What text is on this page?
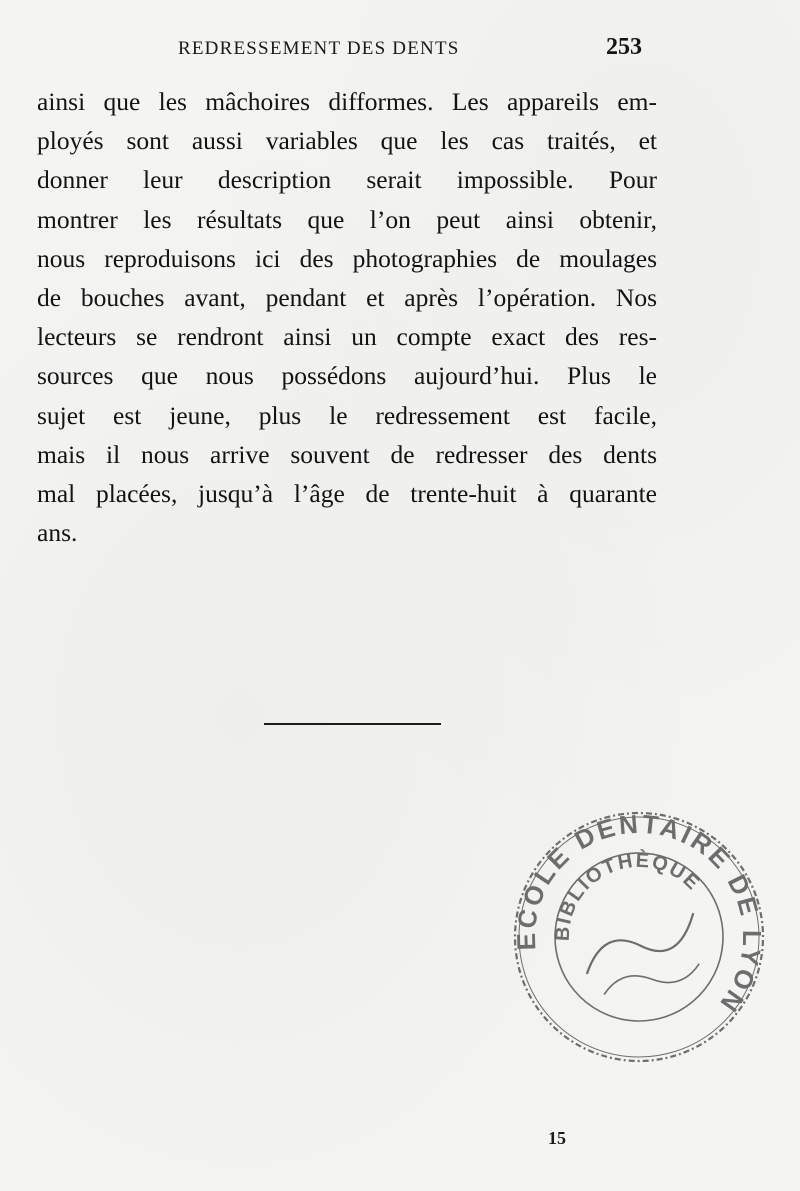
REDRESSEMENT DES DENTS	253

ainsi que les mâchoires difformes. Les appareils em-
ployés sont aussi variables que les cas traités, et
donner leur description serait impossible. Pour
montrer les résultats que l’on peut ainsi obtenir,
nous reproduisons ici des photographies de moulages
de bouches avant, pendant et après l’opération. Nos
lecteurs se rendront ainsi un compte exact des res-
sources que nous possédons aujourd’hui. Plus le
sujet est jeune, plus le redressement est facile,
mais il nous arrive souvent de redresser des dents
mal placées, jusqu’à l’âge de trente-huit à quarante
ans.

ECOLE DENTAIRE DE LYON
BIBLIOTHÈQUE
15
